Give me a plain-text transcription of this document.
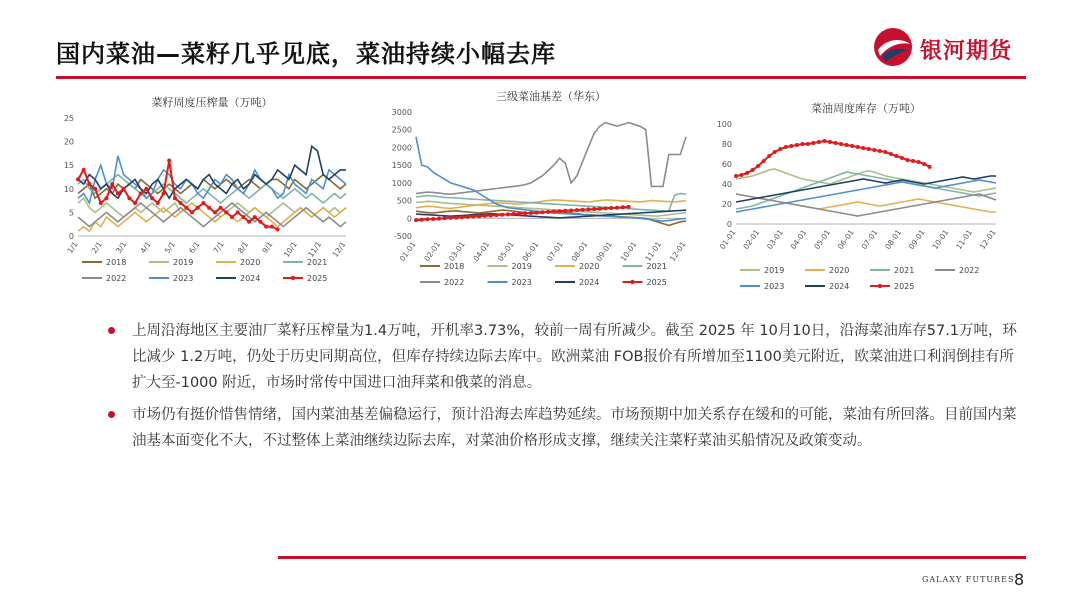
国内菜油—菜籽几乎见底，菜油持续小幅去库	银河期货
菜籽周度压榨量（万吨）
0
5
10
15
20
25
1/1 2/1 3/1 4/1 5/1 6/1 7/1 8/1 9/1 10/1 11/1 12/1
2018	2019	2020	2021
2022	2023	2024	2025
三级菜油基差（华东）
-500
0
500
1000
1500
2000
2500
3000
01-01 02-01 03-01 04-01 05-01 06-01 07-01 08-01 09-01 10-01 11-01 12-01
2018	2019	2020	2021
2022	2023	2024	2025
菜油周度库存（万吨）
0
20
40
60
80
100
01-01 02-01 03-01 04-01 05-01 06-01 07-01 08-01 09-01 10-01 11-01 12-01
2019	2020	2021	2022
2023	2024	2025
上周沿海地区主要油厂菜籽压榨量为1.4万吨，开机率3.73%，较前一周有所减少。截至 2025 年 10月10日，沿海菜油库存57.1万吨，环比减少 1.2万吨，仍处于历史同期高位，但库存持续边际去库中。欧洲菜油 FOB报价有所增加至1100美元附近，欧菜油进口利润倒挂有所扩大至-1000 附近，市场时常传中国进口油拜菜和俄菜的消息。
市场仍有挺价惜售情绪，国内菜油基差偏稳运行，预计沿海去库趋势延续。市场预期中加关系存在缓和的可能，菜油有所回落。目前国内菜油基本面变化不大，不过整体上菜油继续边际去库，对菜油价格形成支撑，继续关注菜籽菜油买船情况及政策变动。
GALAXY FUTURES 8
